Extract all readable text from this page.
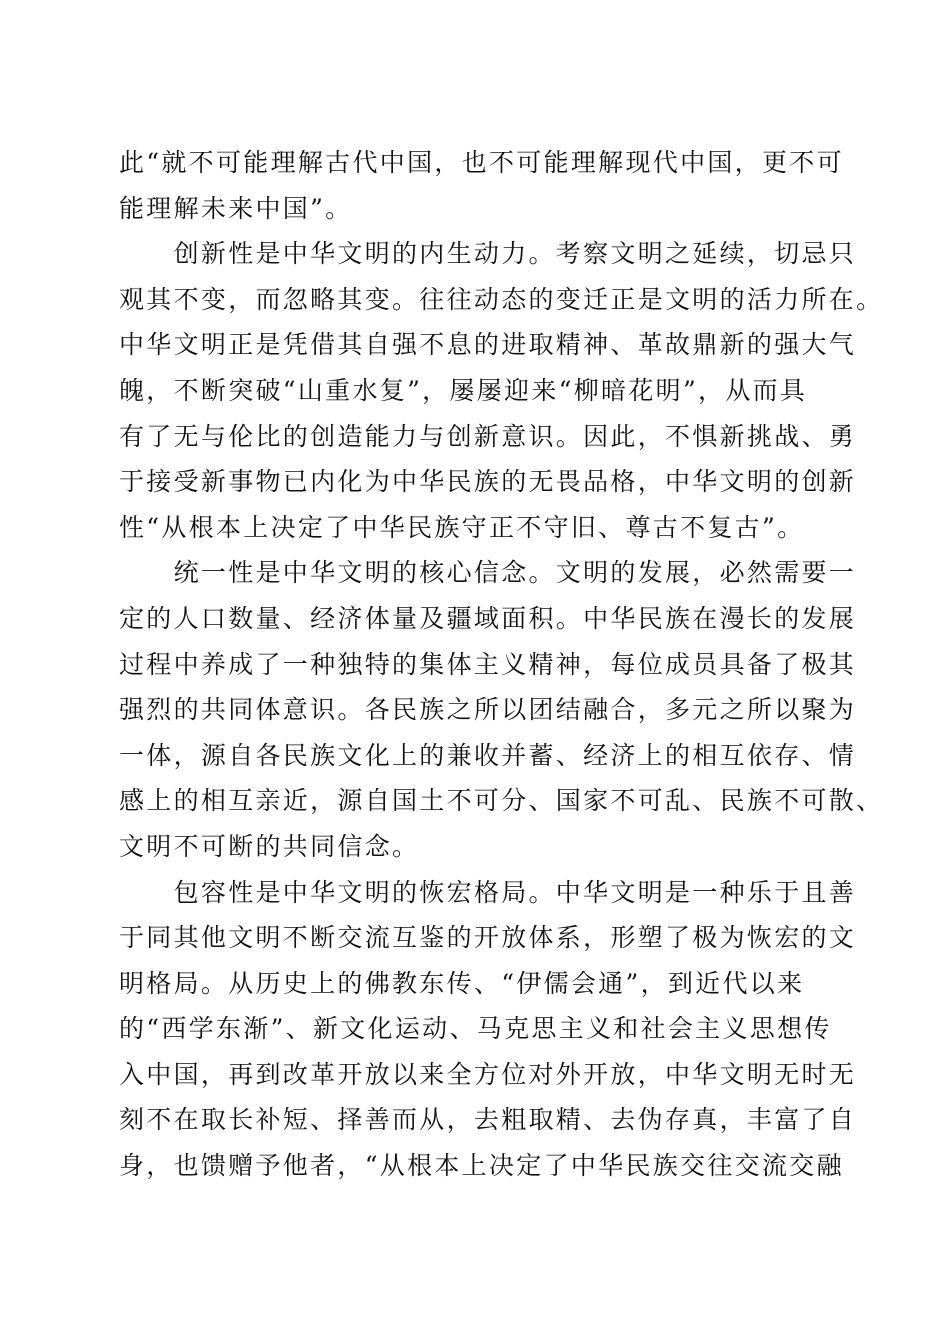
此“就不可能理解古代中国，也不可能理解现代中国，更不可
能理解未来中国”。
　　创新性是中华文明的内生动力。考察文明之延续，切忌只
观其不变，而忽略其变。往往动态的变迁正是文明的活力所在。
中华文明正是凭借其自强不息的进取精神、革故鼎新的强大气
魄，不断突破“山重水复”，屡屡迎来“柳暗花明”，从而具
有了无与伦比的创造能力与创新意识。因此，不惧新挑战、勇
于接受新事物已内化为中华民族的无畏品格，中华文明的创新
性“从根本上决定了中华民族守正不守旧、尊古不复古”。
　　统一性是中华文明的核心信念。文明的发展，必然需要一
定的人口数量、经济体量及疆域面积。中华民族在漫长的发展
过程中养成了一种独特的集体主义精神，每位成员具备了极其
强烈的共同体意识。各民族之所以团结融合，多元之所以聚为
一体，源自各民族文化上的兼收并蓄、经济上的相互依存、情
感上的相互亲近，源自国土不可分、国家不可乱、民族不可散、
文明不可断的共同信念。
　　包容性是中华文明的恢宏格局。中华文明是一种乐于且善
于同其他文明不断交流互鉴的开放体系，形塑了极为恢宏的文
明格局。从历史上的佛教东传、“伊儒会通”，到近代以来
的“西学东渐”、新文化运动、马克思主义和社会主义思想传
入中国，再到改革开放以来全方位对外开放，中华文明无时无
刻不在取长补短、择善而从，去粗取精、去伪存真，丰富了自
身，也馈赠予他者，“从根本上决定了中华民族交往交流交融
